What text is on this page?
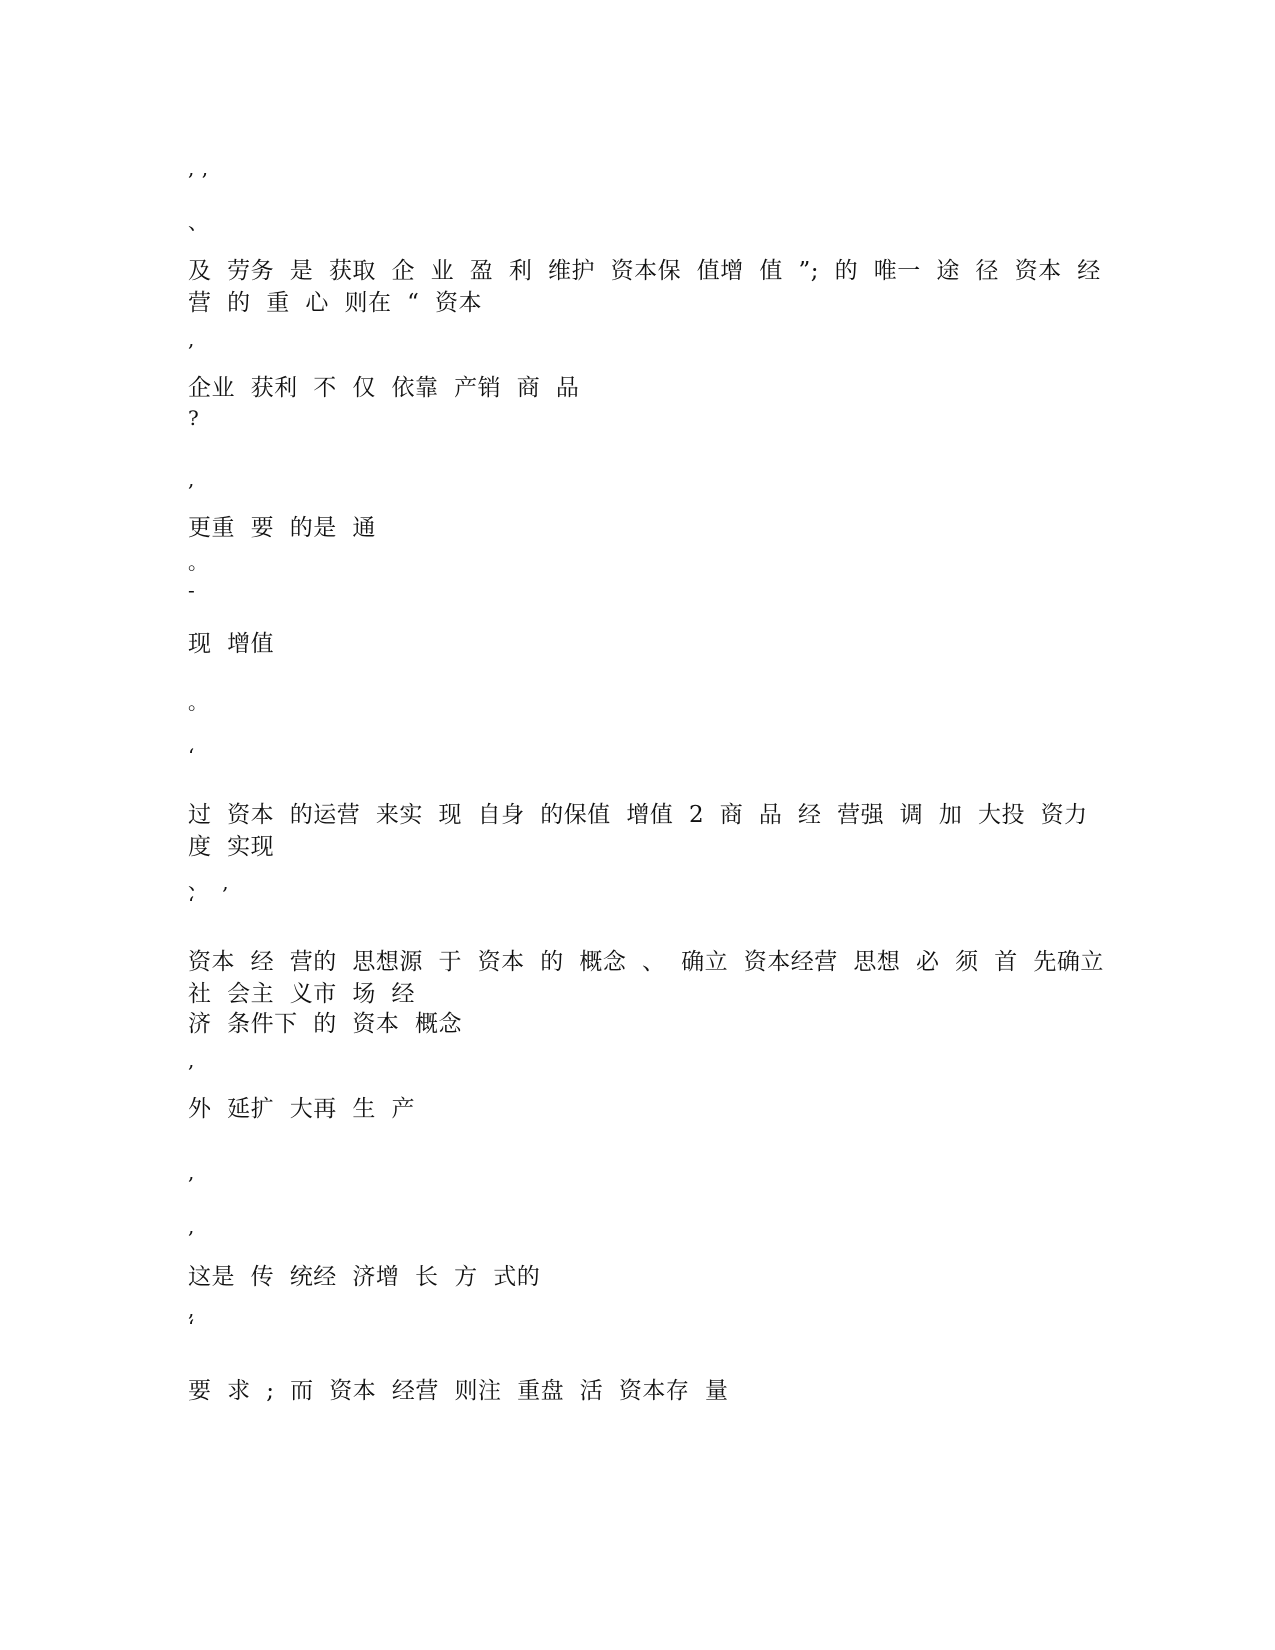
, ,
、
及  劳务  是  获取  企  业  盈  利  维护  资本保  值增  值  ”;  的  唯一  途  径  资本  经
营  的  重  心  则在  “  资本
,
企业  获利  不  仅  依靠  产销  商  品
?
,
更重  要  的是  通
。
-
现  增值
。
‘
过  资本  的运营  来实  现  自身  的保值  增值  2  商  品  经  营强  调  加  大投  资力
度  实现
、  ,
‘
资本  经  营的  思想源  于  资本  的  概念  、  确立  资本经营  思想  必  须  首  先确立
社  会主  义市  场  经
济  条件下  的  资本  概念
,
外  延扩  大再  生  产
,
,
这是  传  统经  济增  长  方  式的
,
‘
要  求  ;  而  资本  经营  则注  重盘  活  资本存  量
